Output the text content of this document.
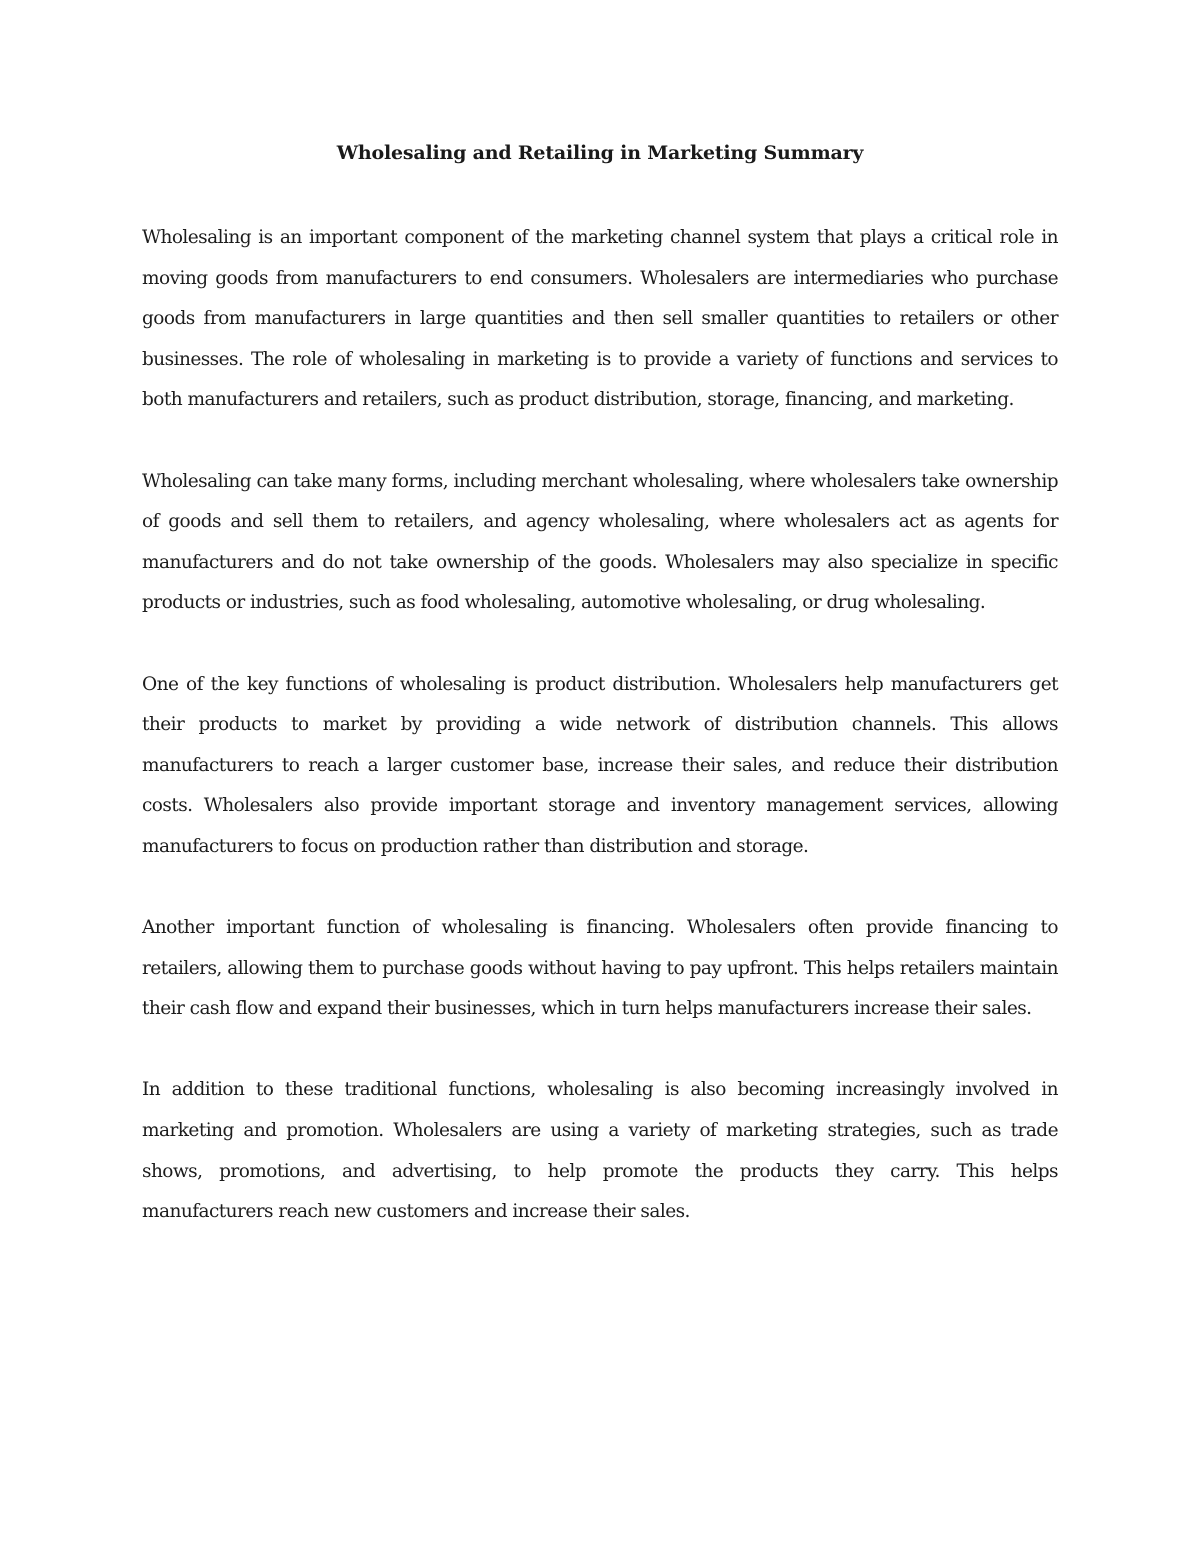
Wholesaling and Retailing in Marketing Summary

Wholesaling is an important component of the marketing channel system that plays a critical role in moving goods from manufacturers to end consumers. Wholesalers are intermediaries who purchase goods from manufacturers in large quantities and then sell smaller quantities to retailers or other businesses. The role of wholesaling in marketing is to provide a variety of functions and services to both manufacturers and retailers, such as product distribution, storage, financing, and marketing.

Wholesaling can take many forms, including merchant wholesaling, where wholesalers take ownership of goods and sell them to retailers, and agency wholesaling, where wholesalers act as agents for manufacturers and do not take ownership of the goods. Wholesalers may also specialize in specific products or industries, such as food wholesaling, automotive wholesaling, or drug wholesaling.

One of the key functions of wholesaling is product distribution. Wholesalers help manufacturers get their products to market by providing a wide network of distribution channels. This allows manufacturers to reach a larger customer base, increase their sales, and reduce their distribution costs. Wholesalers also provide important storage and inventory management services, allowing manufacturers to focus on production rather than distribution and storage.

Another important function of wholesaling is financing. Wholesalers often provide financing to retailers, allowing them to purchase goods without having to pay upfront. This helps retailers maintain their cash flow and expand their businesses, which in turn helps manufacturers increase their sales.

In addition to these traditional functions, wholesaling is also becoming increasingly involved in marketing and promotion. Wholesalers are using a variety of marketing strategies, such as trade shows, promotions, and advertising, to help promote the products they carry. This helps manufacturers reach new customers and increase their sales.
